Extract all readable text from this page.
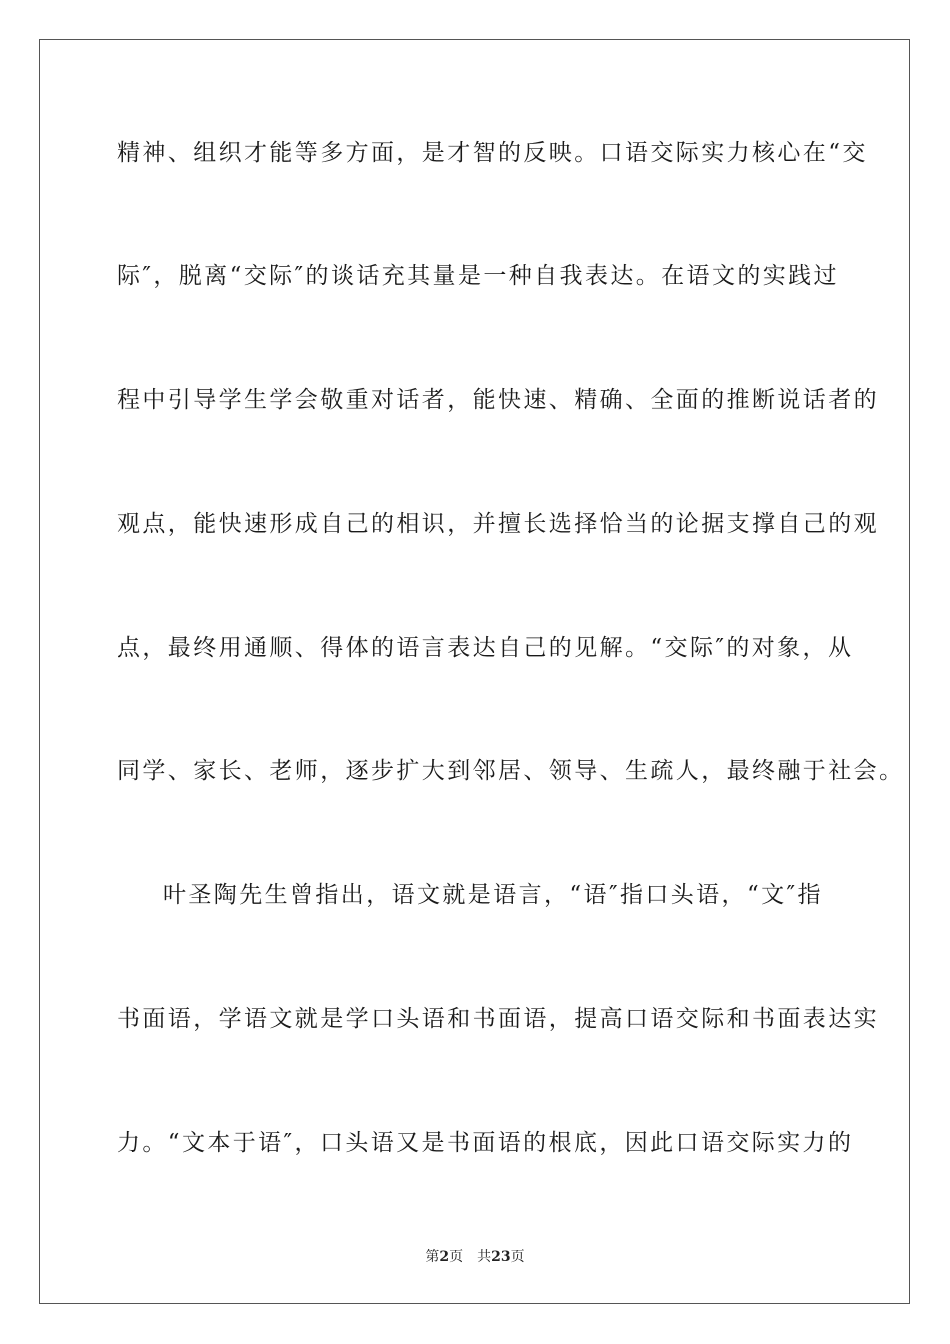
精神、组织才能等多方面，是才智的反映。口语交际实力核心在“交
际″，脱离“交际″的谈话充其量是一种自我表达。在语文的实践过
程中引导学生学会敬重对话者，能快速、精确、全面的推断说话者的
观点，能快速形成自己的相识，并擅长选择恰当的论据支撑自己的观
点，最终用通顺、得体的语言表达自己的见解。“交际″的对象，从
同学、家长、老师，逐步扩大到邻居、领导、生疏人，最终融于社会。
叶圣陶先生曾指出，语文就是语言，“语″指口头语，“文″指
书面语，学语文就是学口头语和书面语，提高口语交际和书面表达实
力。“文本于语″，口头语又是书面语的根底，因此口语交际实力的
第2页 共23页
